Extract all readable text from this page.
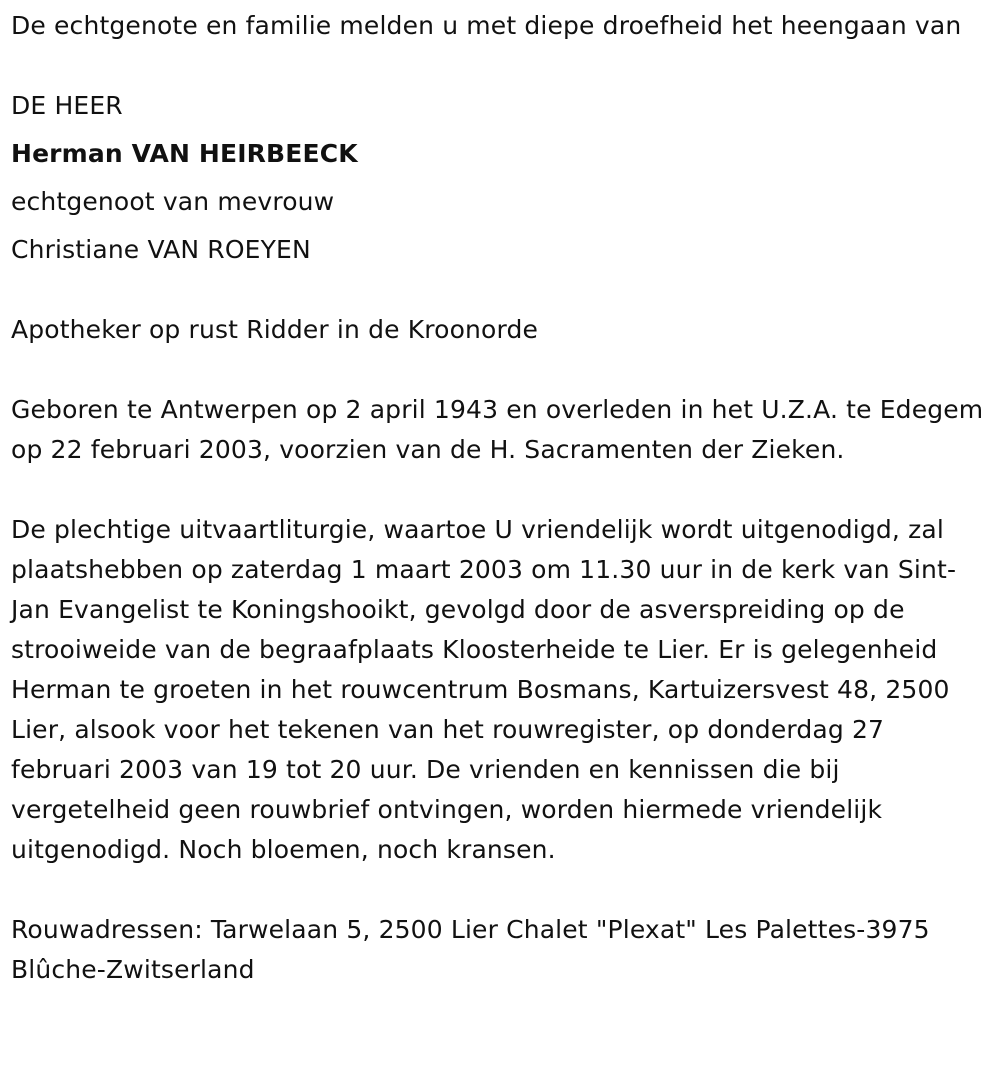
De echtgenote en familie melden u met diepe droefheid het heengaan van

DE HEER

Herman VAN HEIRBEECK

echtgenoot van mevrouw

Christiane VAN ROEYEN

Apotheker op rust Ridder in de Kroonorde

Geboren te Antwerpen op 2 april 1943 en overleden in het U.Z.A. te Edegem op 22 februari 2003, voorzien van de H. Sacramenten der Zieken.

De plechtige uitvaartliturgie, waartoe U vriendelijk wordt uitgenodigd, zal plaatshebben op zaterdag 1 maart 2003 om 11.30 uur in de kerk van Sint-Jan Evangelist te Koningshooikt, gevolgd door de asverspreiding op de strooiweide van de begraafplaats Kloosterheide te Lier. Er is gelegenheid Herman te groeten in het rouwcentrum Bosmans, Kartuizersvest 48, 2500 Lier, alsook voor het tekenen van het rouwregister, op donderdag 27 februari 2003 van 19 tot 20 uur. De vrienden en kennissen die bij vergetelheid geen rouwbrief ontvingen, worden hiermede vriendelijk uitgenodigd. Noch bloemen, noch kransen.

Rouwadressen: Tarwelaan 5, 2500 Lier Chalet "Plexat" Les Palettes-3975 Blûche-Zwitserland
